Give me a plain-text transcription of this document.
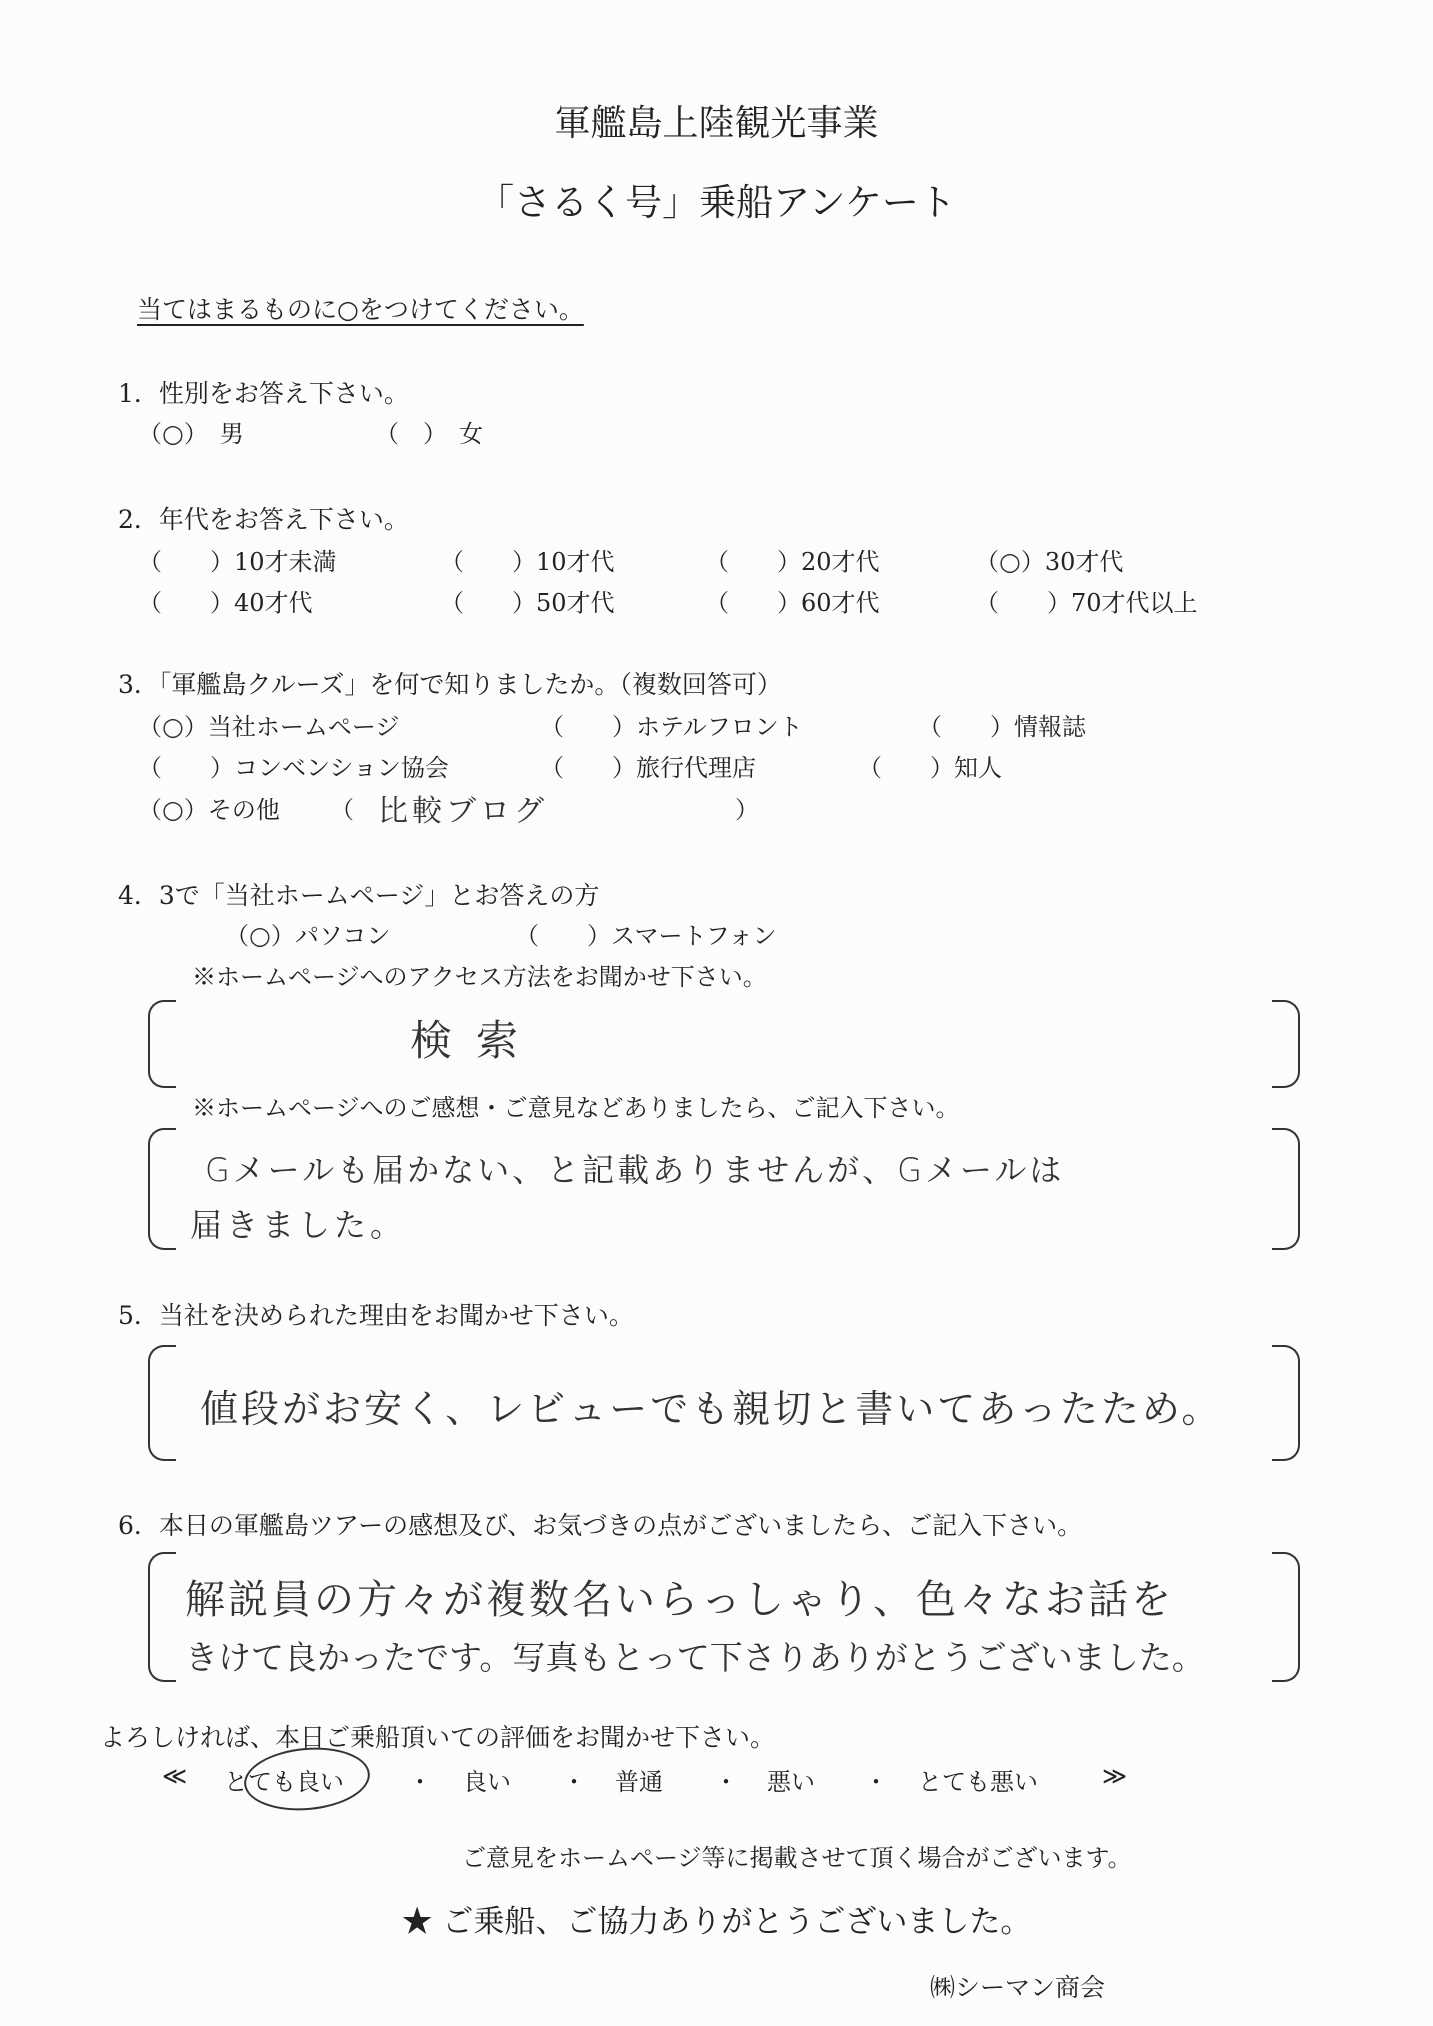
軍艦島上陸観光事業
「さるく号」乗船アンケート
当てはまるものに○をつけてください。
1．性別をお答え下さい。
（○）　男	（　）　女
2．年代をお答え下さい。
（　　）10才未満	（　　）10才代	（　　）20才代	（○）30才代
（　　）40才代	（　　）50才代	（　　）60才代	（　　）70才代以上
3．「軍艦島クルーズ」を何で知りましたか。（複数回答可）
（○）当社ホームページ	（　　）ホテルフロント	（　　）情報誌
（　　）コンベンション協会	（　　）旅行代理店	（　　）知人
（○）その他 （ 比較ブログ	）
4．3で「当社ホームページ」とお答えの方
（○）パソコン	（　　）スマートフォン
※ホームページへのアクセス方法をお聞かせ下さい。
検索
※ホームページへのご感想・ご意見などありましたら、ご記入下さい。
Gメールも届かない、と記載ありませんが、Gメールは
届きました。
5．当社を決められた理由をお聞かせ下さい。
値段がお安く、レビューでも親切と書いてあったため。
6．本日の軍艦島ツアーの感想及び、お気づきの点がございましたら、ご記入下さい。
解説員の方々が複数名いらっしゃり、色々なお話を
きけて良かったです。写真もとって下さりありがとうございました。
よろしければ、本日ご乗船頂いての評価をお聞かせ下さい。
≪ とても良い	・ 良い ・ 普通 ・ 悪い ・ とても悪い	≫
ご意見をホームページ等に掲載させて頂く場合がございます。
★ ご乗船、ご協力ありがとうございました。
㈱シーマン商会
